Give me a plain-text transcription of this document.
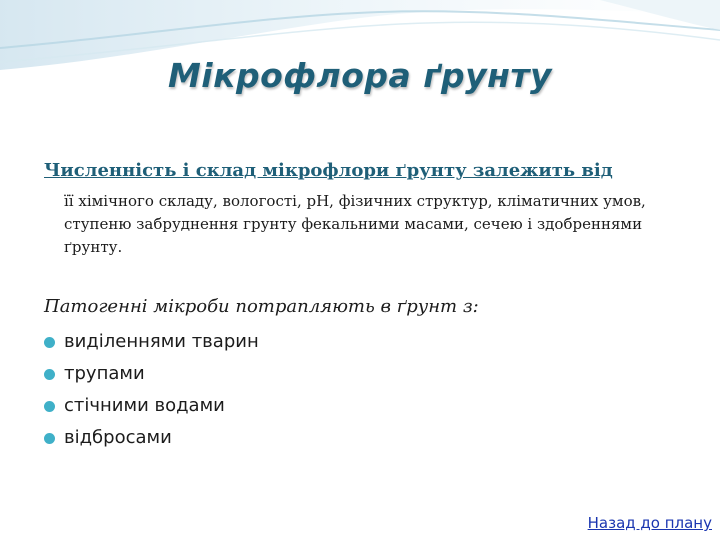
Мікрофлора ґрунту
Численність і склад мікрофлори ґрунту залежить від
її хімічного складу, вологості, рН, фізичних структур, кліматичних умов, ступеню забруднення грунту фекальними масами, сечею і здобреннями ґрунту.
Патогенні мікроби потрапляють в ґрунт з:
виділеннями тварин
трупами
стічними водами
відбросами
Назад до плану
